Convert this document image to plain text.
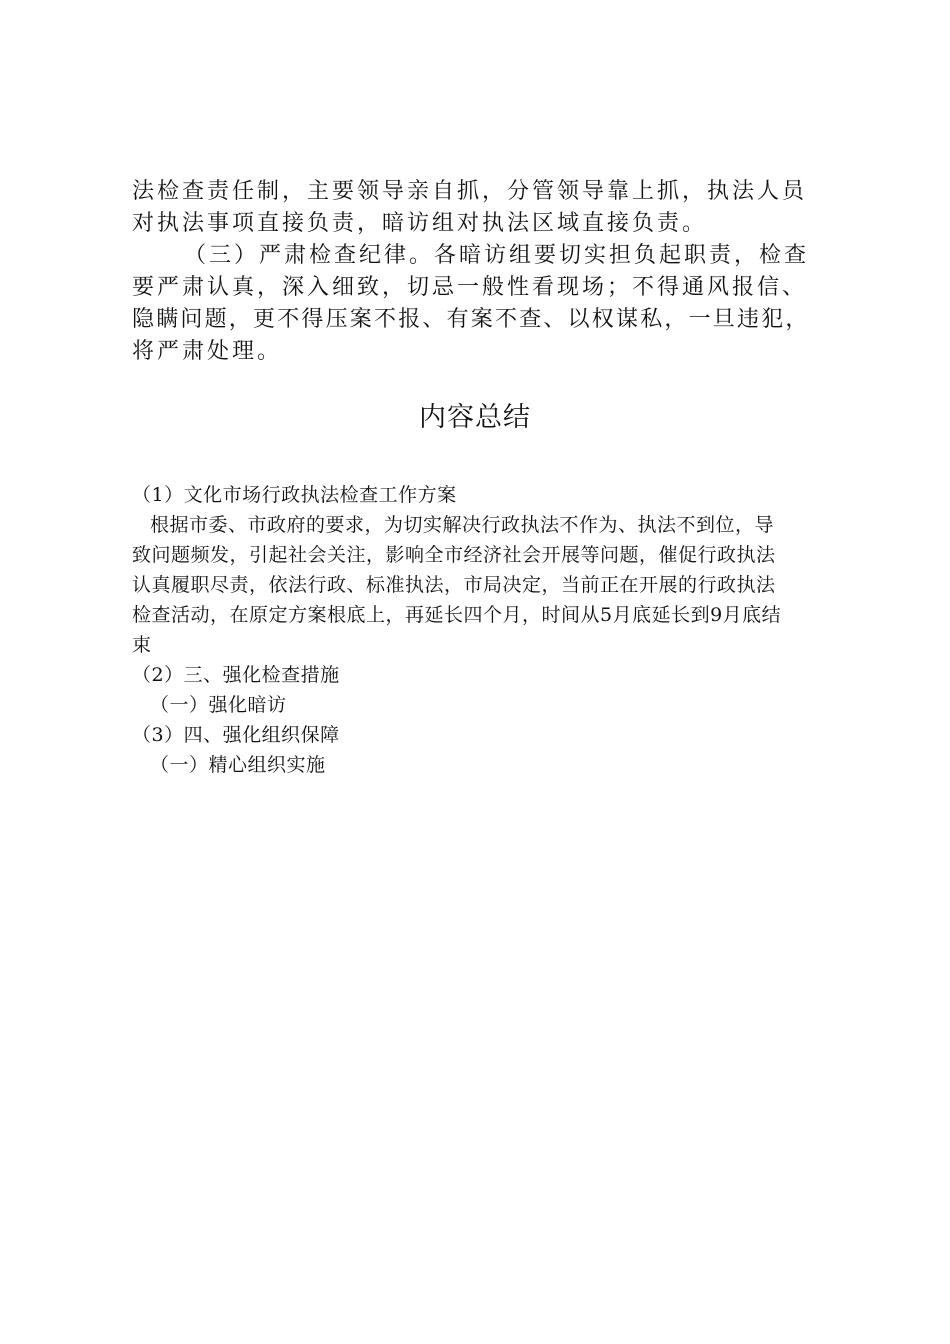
法检查责任制，主要领导亲自抓，分管领导靠上抓，执法人员
对执法事项直接负责，暗访组对执法区域直接负责。
（三）严肃检查纪律。各暗访组要切实担负起职责，检查
要严肃认真，深入细致，切忌一般性看现场；不得通风报信、
隐瞒问题，更不得压案不报、有案不查、以权谋私，一旦违犯，
将严肃处理。
内容总结
（1）文化市场行政执法检查工作方案
根据市委、市政府的要求，为切实解决行政执法不作为、执法不到位，导
致问题频发，引起社会关注，影响全市经济社会开展等问题，催促行政执法
认真履职尽责，依法行政、标准执法，市局决定，当前正在开展的行政执法
检查活动，在原定方案根底上，再延长四个月，时间从5月底延长到9月底结
束
（2）三、强化检查措施
（一）强化暗访
（3）四、强化组织保障
（一）精心组织实施
